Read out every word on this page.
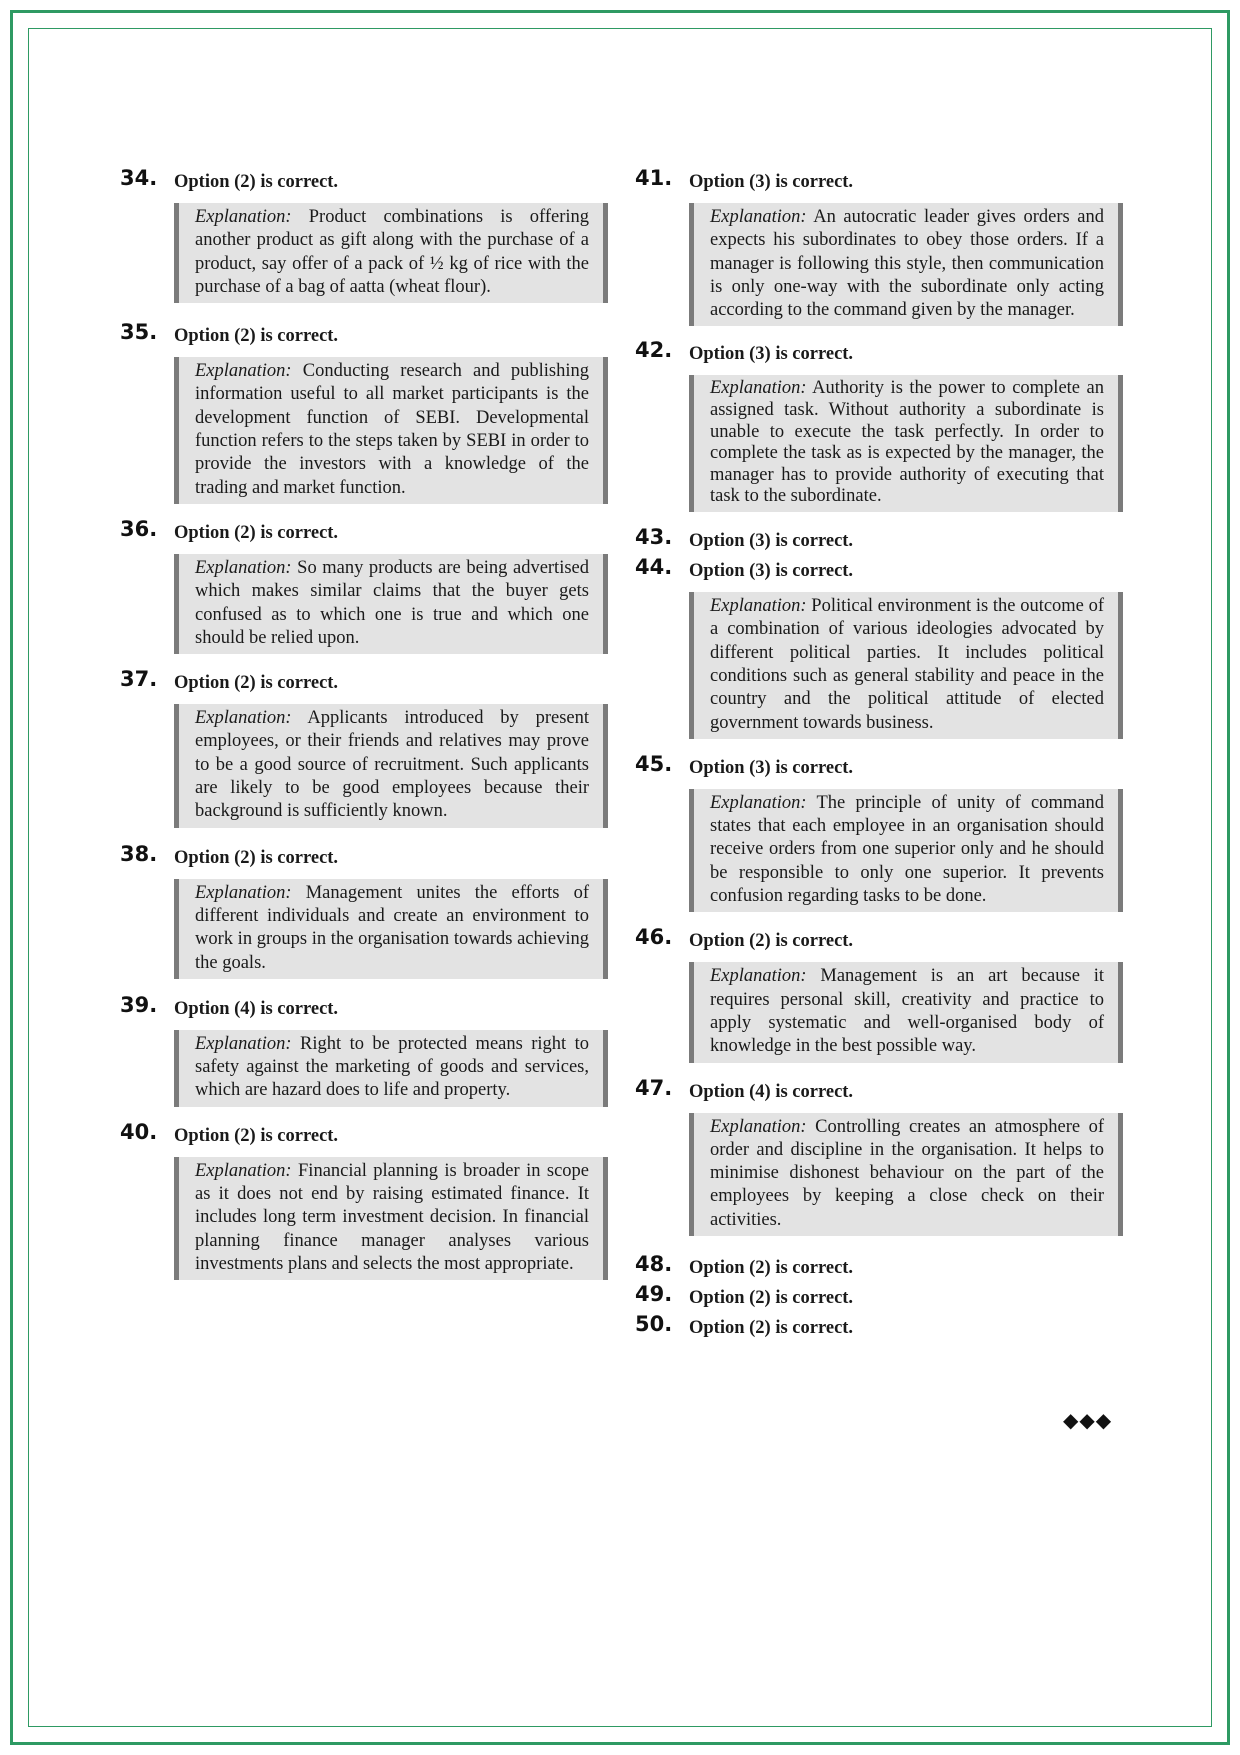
34. Option (2) is correct.
Explanation: Product combinations is offering another product as gift along with the purchase of a product, say offer of a pack of ½ kg of rice with the purchase of a bag of aatta (wheat flour).
35. Option (2) is correct.
Explanation: Conducting research and publishing information useful to all market participants is the development function of SEBI. Developmental function refers to the steps taken by SEBI in order to provide the investors with a knowledge of the trading and market function.
36. Option (2) is correct.
Explanation: So many products are being advertised which makes similar claims that the buyer gets confused as to which one is true and which one should be relied upon.
37. Option (2) is correct.
Explanation: Applicants introduced by present employees, or their friends and relatives may prove to be a good source of recruitment. Such applicants are likely to be good employees because their background is sufficiently known.
38. Option (2) is correct.
Explanation: Management unites the efforts of different individuals and create an environment to work in groups in the organisation towards achieving the goals.
39. Option (4) is correct.
Explanation: Right to be protected means right to safety against the marketing of goods and services, which are hazard does to life and property.
40. Option (2) is correct.
Explanation: Financial planning is broader in scope as it does not end by raising estimated finance. It includes long term investment decision. In financial planning finance manager analyses various investments plans and selects the most appropriate.
41. Option (3) is correct.
Explanation: An autocratic leader gives orders and expects his subordinates to obey those orders. If a manager is following this style, then communication is only one-way with the subordinate only acting according to the command given by the manager.
42. Option (3) is correct.
Explanation: Authority is the power to complete an assigned task. Without authority a subordinate is unable to execute the task perfectly. In order to complete the task as is expected by the manager, the manager has to provide authority of executing that task to the subordinate.
43. Option (3) is correct.
44. Option (3) is correct.
Explanation: Political environment is the outcome of a combination of various ideologies advocated by different political parties. It includes political conditions such as general stability and peace in the country and the political attitude of elected government towards business.
45. Option (3) is correct.
Explanation: The principle of unity of command states that each employee in an organisation should receive orders from one superior only and he should be responsible to only one superior. It prevents confusion regarding tasks to be done.
46. Option (2) is correct.
Explanation: Management is an art because it requires personal skill, creativity and practice to apply systematic and well-organised body of knowledge in the best possible way.
47. Option (4) is correct.
Explanation: Controlling creates an atmosphere of order and discipline in the organisation. It helps to minimise dishonest behaviour on the part of the employees by keeping a close check on their activities.
48. Option (2) is correct.
49. Option (2) is correct.
50. Option (2) is correct.
◆◆◆
